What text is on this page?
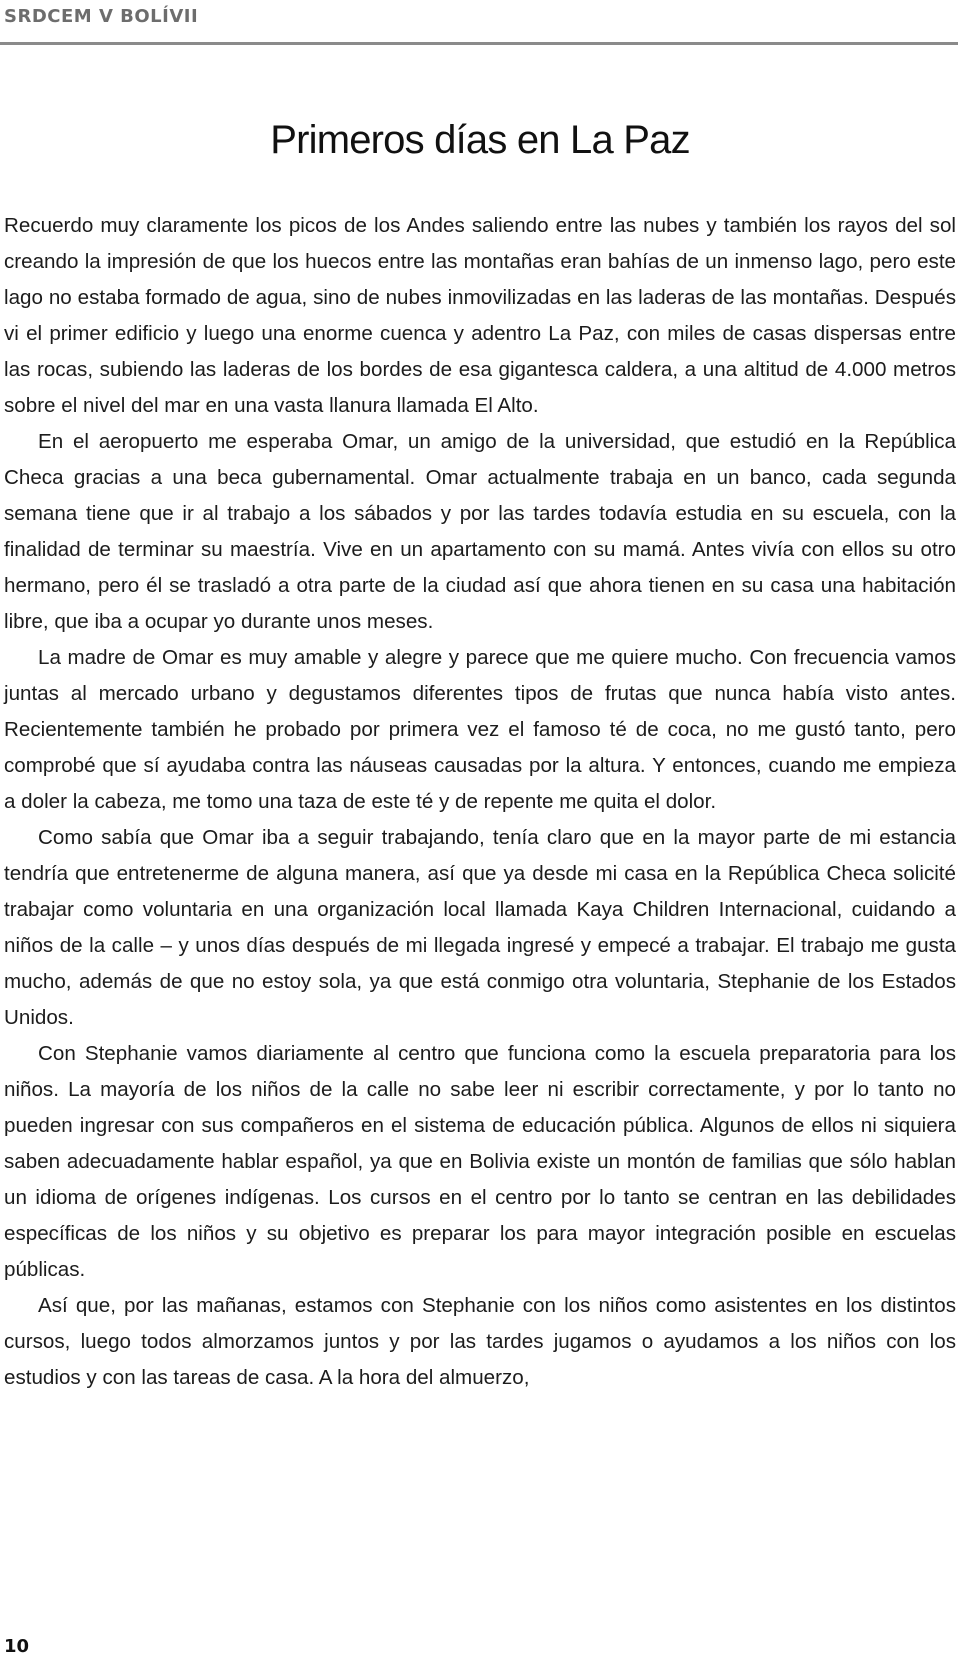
SRDCEM V BOLÍVII
Primeros días en La Paz

Recuerdo muy claramente los picos de los Andes saliendo entre las nubes y también los rayos del sol creando la impresión de que los huecos entre las montañas eran bahías de un inmenso lago, pero este lago no estaba formado de agua, sino de nubes inmovilizadas en las laderas de las montañas. Después vi el primer edificio y luego una enorme cuenca y adentro La Paz, con miles de casas dispersas entre las rocas, subiendo las laderas de los bordes de esa gigantesca caldera, a una altitud de 4.000 metros sobre el nivel del mar en una vasta llanura llamada El Alto.

En el aeropuerto me esperaba Omar, un amigo de la universidad, que estudió en la República Checa gracias a una beca gubernamental. Omar actualmente trabaja en un banco, cada segunda semana tiene que ir al trabajo a los sábados y por las tardes todavía estudia en su escuela, con la finalidad de terminar su maestría. Vive en un apartamento con su mamá. Antes vivía con ellos su otro hermano, pero él se trasladó a otra parte de la ciudad así que ahora tienen en su casa una habitación libre, que iba a ocupar yo durante unos meses.

La madre de Omar es muy amable y alegre y parece que me quiere mucho. Con frecuencia vamos juntas al mercado urbano y degustamos diferentes tipos de frutas que nunca había visto antes. Recientemente también he probado por primera vez el famoso té de coca, no me gustó tanto, pero comprobé que sí ayudaba contra las náuseas causadas por la altura. Y entonces, cuando me empieza a doler la cabeza, me tomo una taza de este té y de repente me quita el dolor.

Como sabía que Omar iba a seguir trabajando, tenía claro que en la mayor parte de mi estancia tendría que entretenerme de alguna manera, así que ya desde mi casa en la República Checa solicité trabajar como voluntaria en una organización local llamada Kaya Children Internacional, cuidando a niños de la calle – y unos días después de mi llegada ingresé y empecé a trabajar. El trabajo me gusta mucho, además de que no estoy sola, ya que está conmigo otra voluntaria, Stephanie de los Estados Unidos.

Con Stephanie vamos diariamente al centro que funciona como la escuela preparatoria para los niños. La mayoría de los niños de la calle no sabe leer ni escribir correctamente, y por lo tanto no pueden ingresar con sus compañeros en el sistema de educación pública. Algunos de ellos ni siquiera saben adecuadamente hablar español, ya que en Bolivia existe un montón de familias que sólo hablan un idioma de orígenes indígenas. Los cursos en el centro por lo tanto se centran en las debilidades específicas de los niños y su objetivo es preparar los para mayor integración posible en escuelas públicas.

Así que, por las mañanas, estamos con Stephanie con los niños como asistentes en los distintos cursos, luego todos almorzamos juntos y por las tardes jugamos o ayudamos a los niños con los estudios y con las tareas de casa. A la hora del almuerzo,

10
